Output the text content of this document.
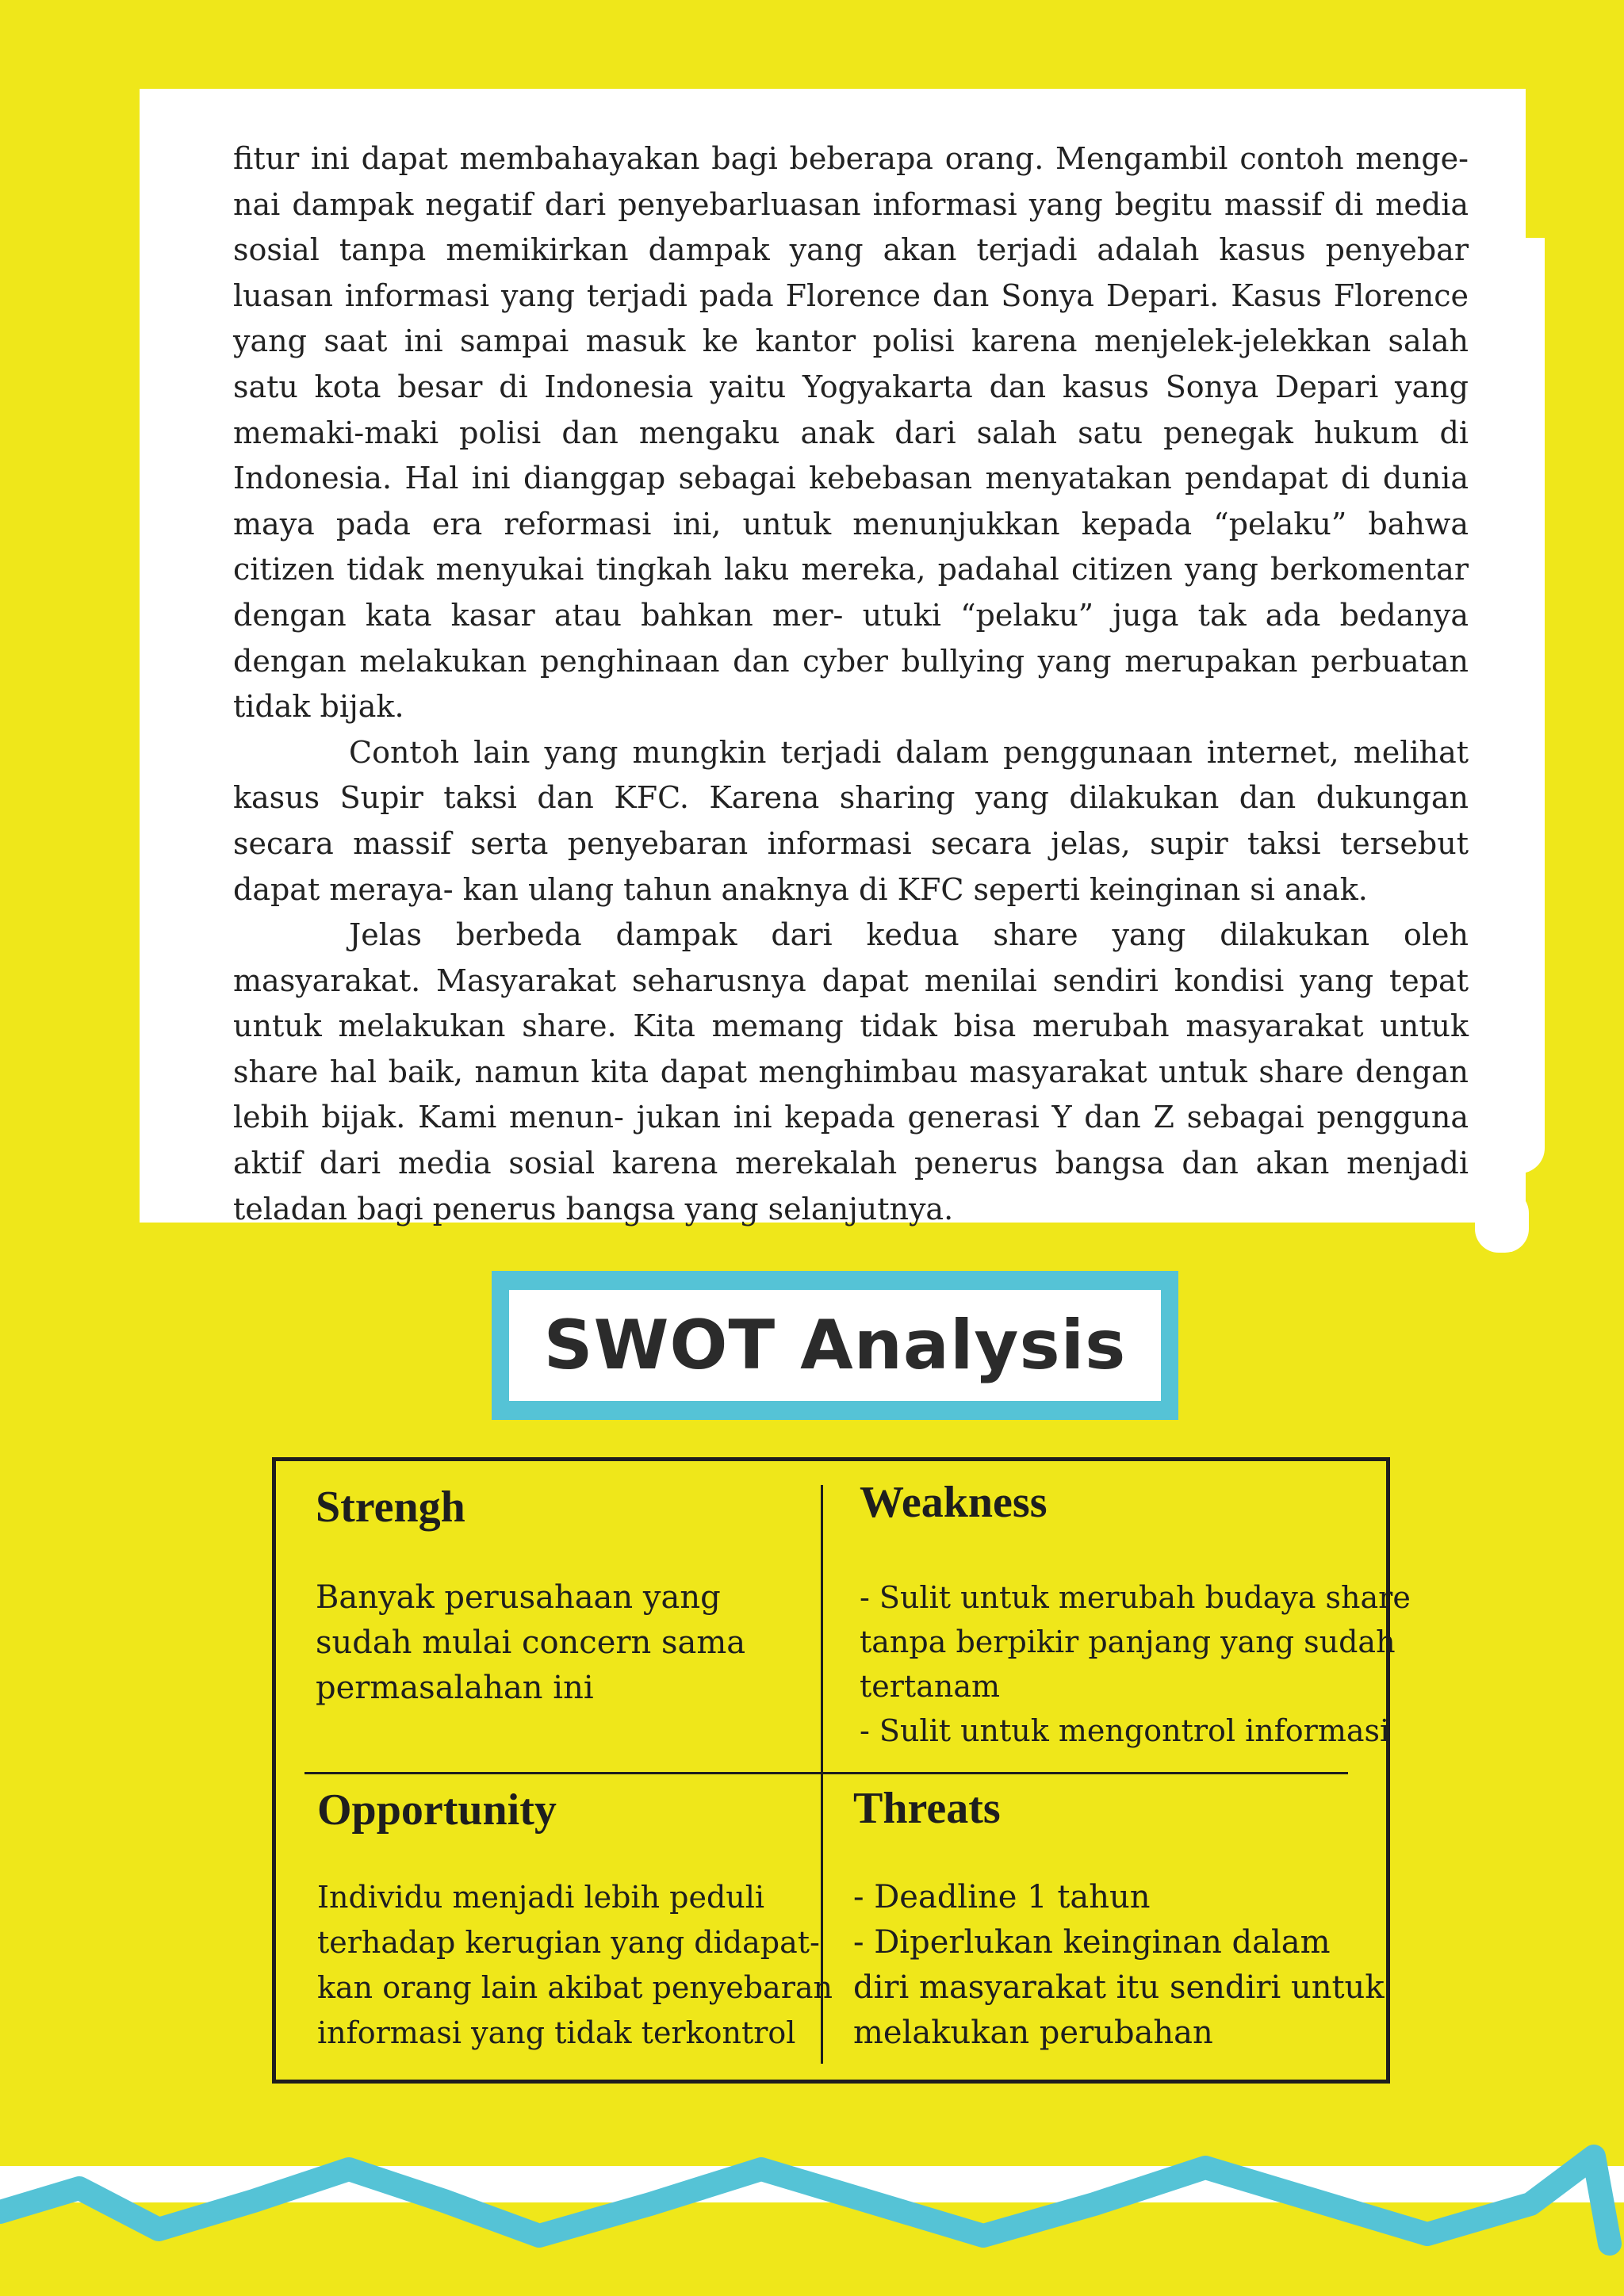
fitur ini dapat membahayakan bagi beberapa orang. Mengambil contoh menge- nai dampak negatif dari penyebarluasan informasi yang begitu massif di media sosial tanpa memikirkan dampak yang akan terjadi adalah kasus penyebar luasan informasi yang terjadi pada Florence dan Sonya Depari. Kasus Florence yang saat ini sampai masuk ke kantor polisi karena menjelek-jelekkan salah satu kota besar di Indonesia yaitu Yogyakarta dan kasus Sonya Depari yang memaki-maki polisi dan mengaku anak dari salah satu penegak hukum di Indonesia. Hal ini dianggap sebagai kebebasan menyatakan pendapat di dunia maya pada era reformasi ini, untuk menunjukkan kepada “pelaku” bahwa citizen tidak menyukai tingkah laku mereka, padahal citizen yang berkomentar dengan kata kasar atau bahkan mer- utuki “pelaku” juga tak ada bedanya dengan melakukan penghinaan dan cyber bullying yang merupakan perbuatan tidak bijak.

Contoh lain yang mungkin terjadi dalam penggunaan internet, melihat kasus Supir taksi dan KFC. Karena sharing yang dilakukan dan dukungan secara massif serta penyebaran informasi secara jelas, supir taksi tersebut dapat meraya- kan ulang tahun anaknya di KFC seperti keinginan si anak.

Jelas berbeda dampak dari kedua share yang dilakukan oleh masyarakat. Masyarakat seharusnya dapat menilai sendiri kondisi yang tepat untuk melakukan share. Kita memang tidak bisa merubah masyarakat untuk share hal baik, namun kita dapat menghimbau masyarakat untuk share dengan lebih bijak. Kami menun- jukan ini kepada generasi Y dan Z sebagai pengguna aktif dari media sosial karena merekalah penerus bangsa dan akan menjadi teladan bagi penerus bangsa yang selanjutnya.

SWOT Analysis
Strengh
Banyak perusahaan yang
sudah mulai concern sama
permasalahan ini
Weakness
- Sulit untuk merubah budaya share
tanpa berpikir panjang yang sudah
tertanam
- Sulit untuk mengontrol informasi
Opportunity
Individu menjadi lebih peduli
terhadap kerugian yang didapat-
kan orang lain akibat penyebaran
informasi yang tidak terkontrol
Threats
- Deadline 1 tahun
- Diperlukan keinginan dalam
diri masyarakat itu sendiri untuk
melakukan perubahan
